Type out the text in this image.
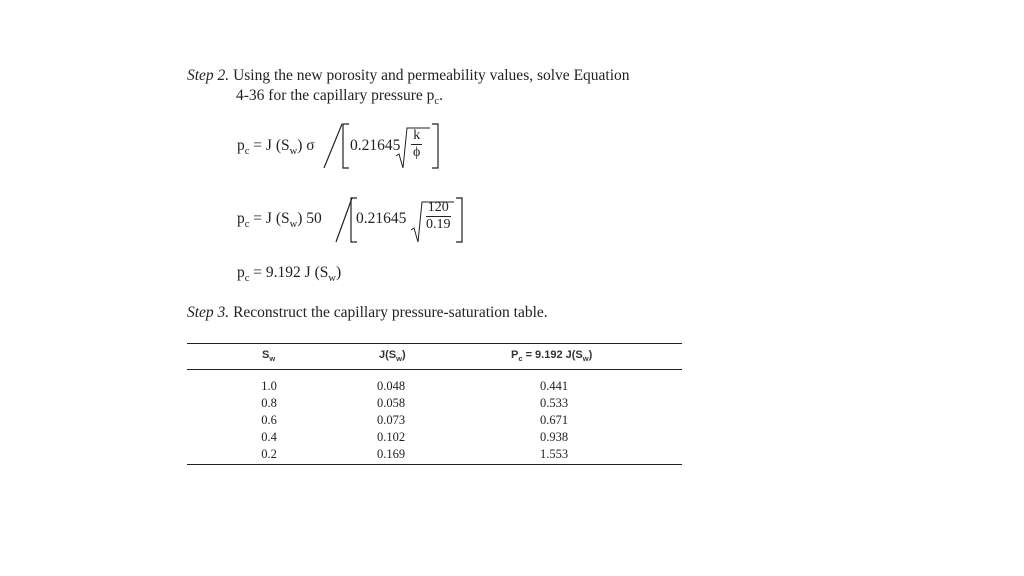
Step 2. Using the new porosity and permeability values, solve Equation
4-36 for the capillary pressure $p_c$.
$p_c = J$ $(S_w)$ σ $0.21645 \frac{k}{\phi}$
$p_c = J$ $(S_w)$ 50 $0.21645 \frac{120}{0.19}$
$p_c = 9.192$ J $(S_w)$
Step 3. Reconstruct the capillary pressure-saturation table.
$S_w$	$J(S_w)$	$P_c = 9.192$ $J(S_w)$
1.0
0.8
0.6
0.4
0.2
0.048
0.058
0.073
0.102
0.169
0.441
0.533
0.671
0.938
1.553
